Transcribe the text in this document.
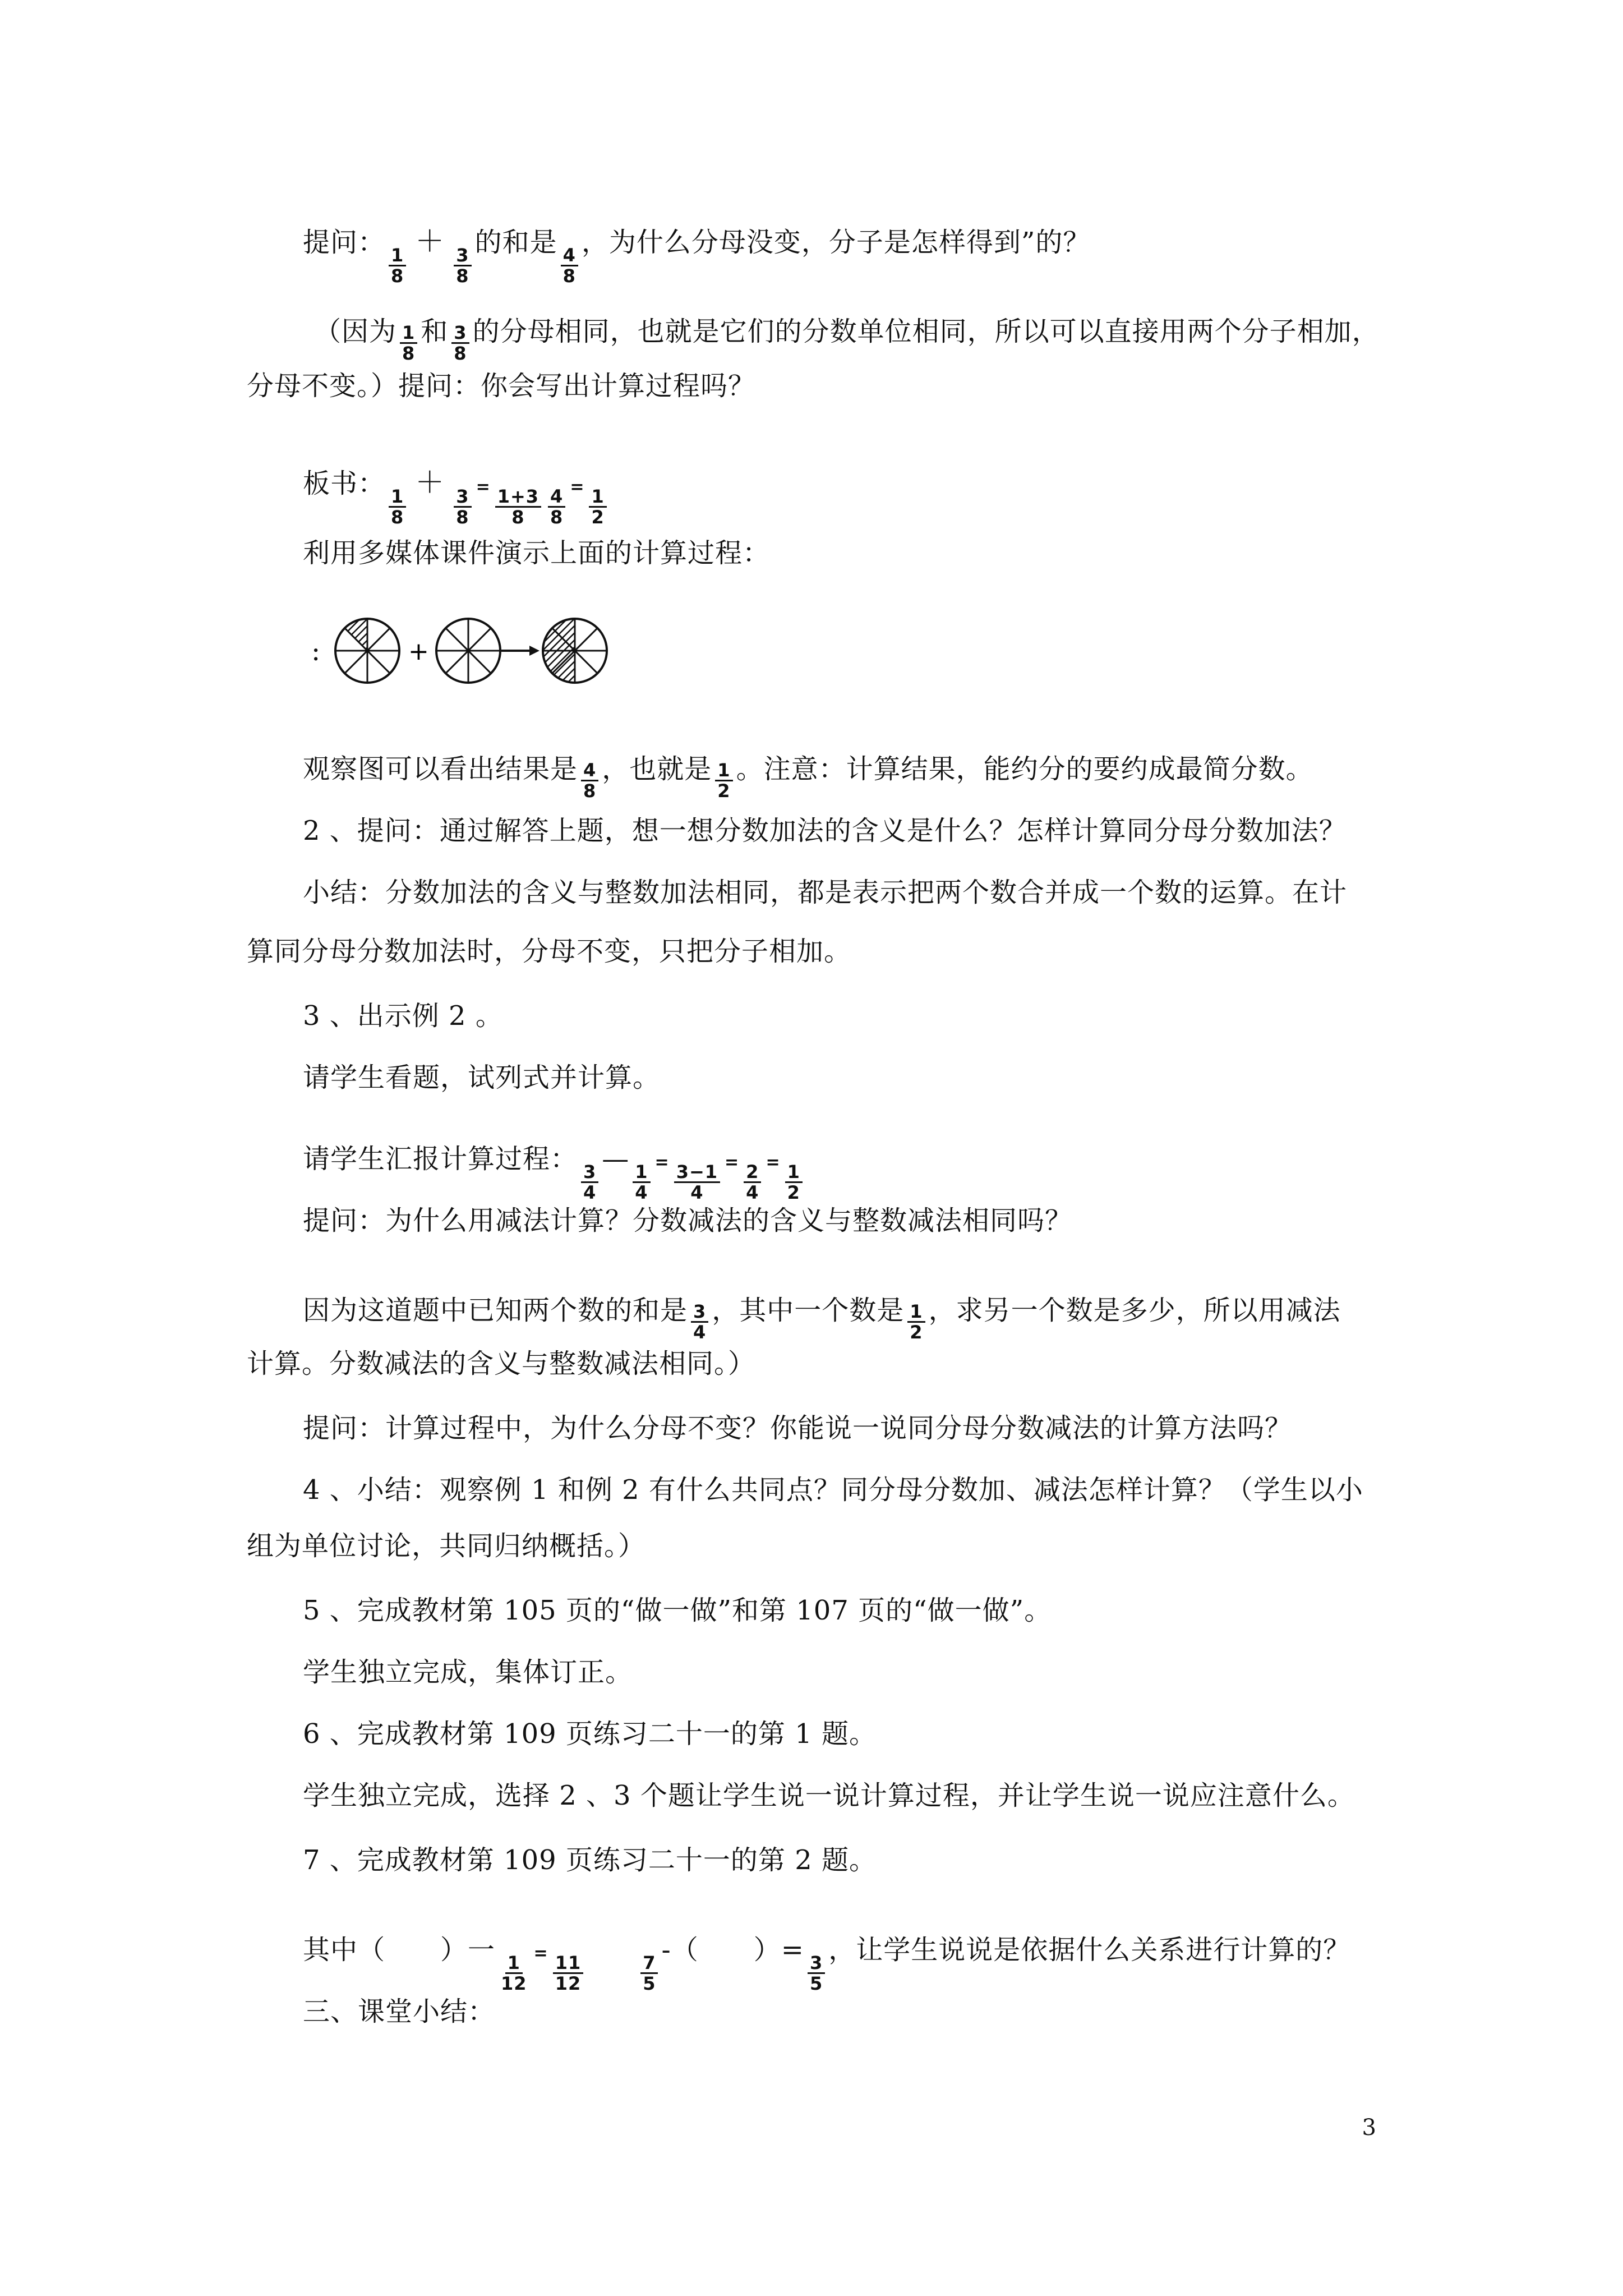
提问：
$\frac{1}{8}$
＋
$\frac{3}{8}$
的和是
$\frac{4}{8}$
，为什么分母没变，分子是怎样得到”的？
（因为 $\frac{1}{8}$ 和 $\frac{3}{8}$ 的分母相同，也就是它们的分数单位相同，所以可以直接用两个分子相加，
分母不变。）提问：你会写出计算过程吗？
板书：
$\frac{1}{8}$
＋
$\frac{3}{8} = \frac{1+3}{8} \frac{4}{8} = \frac{1}{2}$
利用多媒体课件演示上面的计算过程：
:	+
观察图可以看出结果是 $\frac{4}{8}$ ，也就是 $\frac{1}{2}$ 。注意：计算结果，能约分的要约成最简分数。
2 、提问：通过解答上题，想一想分数加法的含义是什么？怎样计算同分母分数加法？
小结：分数加法的含义与整数加法相同，都是表示把两个数合并成一个数的运算。在计
算同分母分数加法时，分母不变，只把分子相加。
3 、出示例 2 。
请学生看题，试列式并计算。
请学生汇报计算过程：
$\frac{3}{4}$
—
$\frac{1}{4} = \frac{3-1}{4} = \frac{2}{4} = \frac{1}{2}$
提问：为什么用减法计算？分数减法的含义与整数减法相同吗？
因为这道题中已知两个数的和是 $\frac{3}{4}$ ，其中一个数是 $\frac{1}{2}$ ，求另一个数是多少，所以用减法
计算。分数减法的含义与整数减法相同。）
提问：计算过程中，为什么分母不变？你能说一说同分母分数减法的计算方法吗？
4 、小结：观察例 1 和例 2 有什么共同点？同分母分数加、减法怎样计算？（学生以小
组为单位讨论，共同归纳概括。）
5 、完成教材第 105 页的“做一做”和第 107 页的“做一做”。
学生独立完成，集体订正。
6 、完成教材第 109 页练习二十一的第 1 题。
学生独立完成，选择 2 、3 个题让学生说一说计算过程，并让学生说一说应注意什么。
7 、完成教材第 109 页练习二十一的第 2 题。
其中（　　）一
$\frac{1}{12} = \frac{11}{12}$	$\frac{7}{5}$
-（　　）=
$\frac{3}{5}$
，让学生说说是依据什么关系进行计算的？
三、课堂小结：
3
